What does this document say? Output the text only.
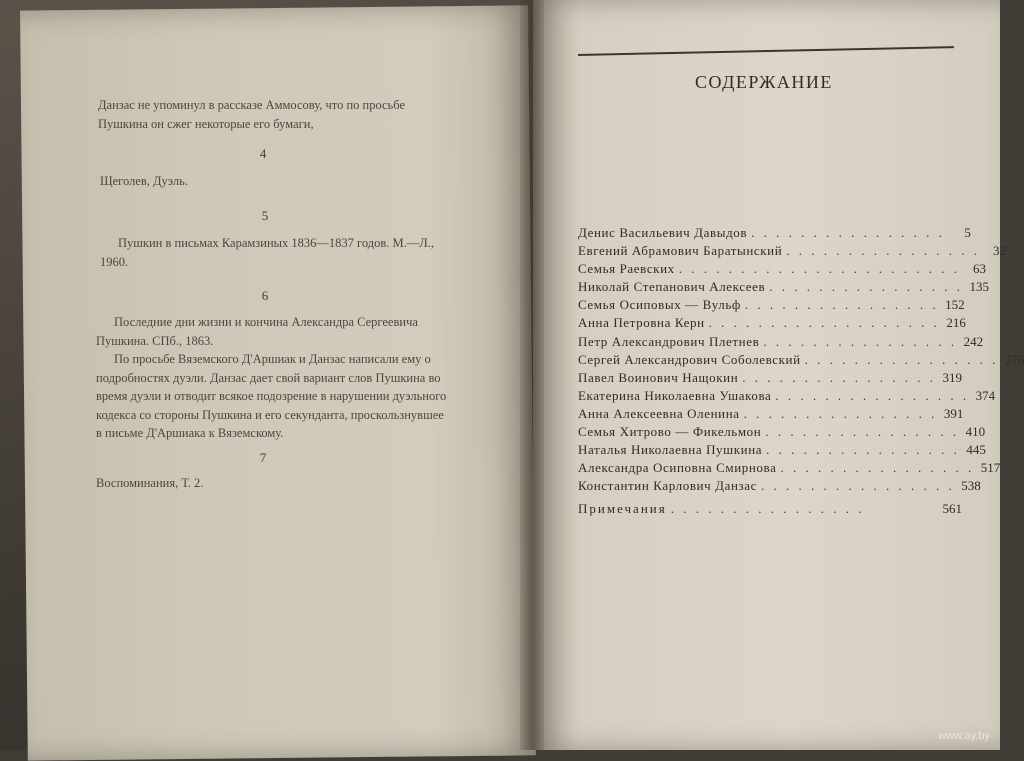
Данзас не упоминул в рассказе Аммосову, что по просьбе
Пушкина он сжег некоторые его бумаги,
4
Щеголев, Дуэль.
5
Пушкин в письмах Карамзиных 1836—1837 годов. М.—Л.,
1960.
6
Последние дни жизни и кончина Александра Сергеевича
Пушкина. СПб., 1863.
По просьбе Вяземского Д'Аршиак и Данзас написали ему о
подробностях дуэли. Данзас дает свой вариант слов Пушкина во
время дуэли и отводит всякое подозрение в нарушении дуэльного
кодекса со стороны Пушкина и его секунданта, проскользнувшее
в письме Д'Аршиака к Вяземскому.
7
Воспоминания, Т. 2.
СОДЕРЖАНИЕ
Денис Васильевич Давыдов . . . . . . . . . . . . . . . .	5
Евгений Абрамович Баратынский . . . . . . . . . . . . . . . .	32
Семья Раевских . . . . . . . . . . . . . . . . . . . . . . .	63
Николай Степанович Алексеев . . . . . . . . . . . . . . . . 135
Семья Осиповых — Вульф . . . . . . . . . . . . . . . . 152
Анна Петровна Керн . . . . . . . . . . . . . . . . . . . 216
Петр Александрович Плетнев . . . . . . . . . . . . . . . . 242
Сергей Александрович Соболевский . . . . . . . . . . . . . . . . 276
Павел Воинович Нащокин . . . . . . . . . . . . . . . . 319
Екатерина Николаевна Ушакова . . . . . . . . . . . . . . . . 374
Анна Алексеевна Оленина . . . . . . . . . . . . . . . . 391
Семья Хитрово — Фикельмон . . . . . . . . . . . . . . . . 410
Наталья Николаевна Пушкина . . . . . . . . . . . . . . . . 445
Александра Осиповна Смирнова . . . . . . . . . . . . . . . . 517
Константин Карлович Данзас . . . . . . . . . . . . . . . . 538
Примечания . . . . . . . . . . . . . . . .	561
www.ay.by
